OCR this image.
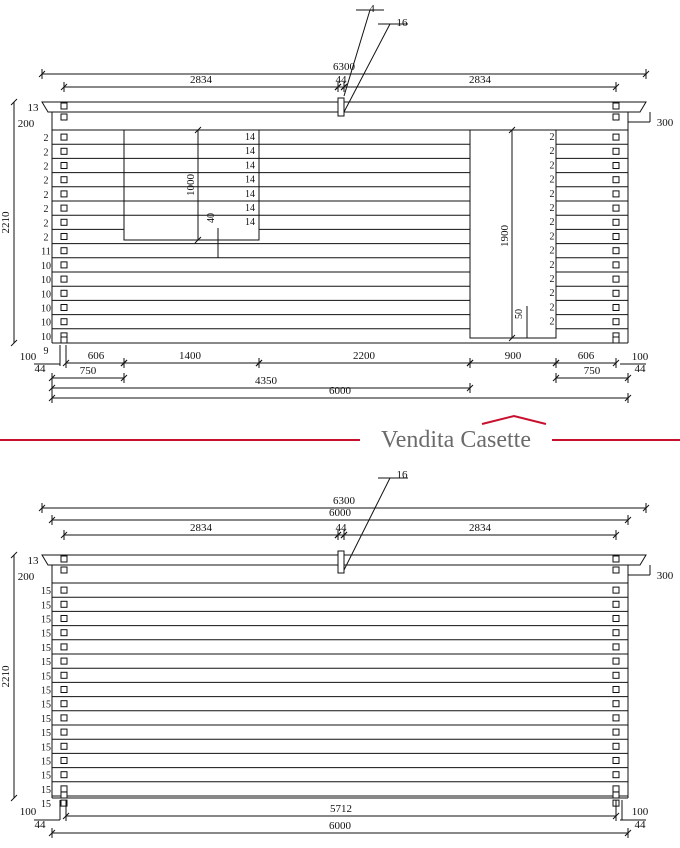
6300
2834	44	2834
2210
13
200	300
2
2
2
2
2
2
2
2
11
10
10
10
10
10
10
9
14
14
14
14
14
14
14
1000
40
2
2
2
2
2
2
2
2
2
2
2
2
2
2
1900
50
4
16
100
44
606	1400	2200	900	606	100
44
750	750
4350
6000
Vendita Casette
6300
6000
2834	44	2834
2210
13
200	300
15
15
15
15
15
15
15
15
15
15
15
15
15
15
15
15
16
100
44
5712	100
44
6000
